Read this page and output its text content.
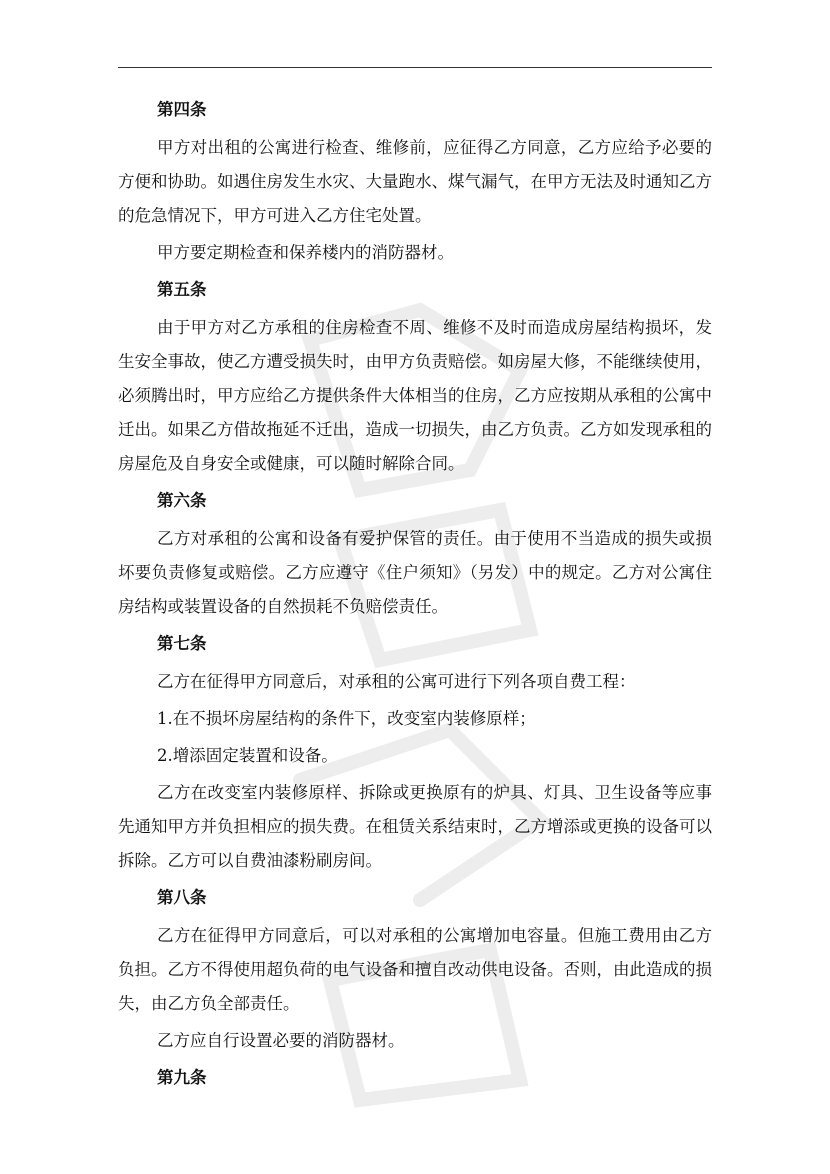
第四条

甲方对出租的公寓进行检查、维修前，应征得乙方同意，乙方应给予必要的方便和协助。如遇住房发生水灾、大量跑水、煤气漏气，在甲方无法及时通知乙方的危急情况下，甲方可进入乙方住宅处置。

甲方要定期检查和保养楼内的消防器材。

第五条

由于甲方对乙方承租的住房检查不周、维修不及时而造成房屋结构损坏，发生安全事故，使乙方遭受损失时，由甲方负责赔偿。如房屋大修，不能继续使用，必须腾出时，甲方应给乙方提供条件大体相当的住房，乙方应按期从承租的公寓中迁出。如果乙方借故拖延不迁出，造成一切损失，由乙方负责。乙方如发现承租的房屋危及自身安全或健康，可以随时解除合同。

第六条

乙方对承租的公寓和设备有爱护保管的责任。由于使用不当造成的损失或损坏要负责修复或赔偿。乙方应遵守《住户须知》（另发）中的规定。乙方对公寓住房结构或装置设备的自然损耗不负赔偿责任。

第七条

乙方在征得甲方同意后，对承租的公寓可进行下列各项自费工程：

1.在不损坏房屋结构的条件下，改变室内装修原样；

2.增添固定装置和设备。

乙方在改变室内装修原样、拆除或更换原有的炉具、灯具、卫生设备等应事先通知甲方并负担相应的损失费。在租赁关系结束时，乙方增添或更换的设备可以拆除。乙方可以自费油漆粉刷房间。

第八条

乙方在征得甲方同意后，可以对承租的公寓增加电容量。但施工费用由乙方负担。乙方不得使用超负荷的电气设备和擅自改动供电设备。否则，由此造成的损失，由乙方负全部责任。

乙方应自行设置必要的消防器材。

第九条
